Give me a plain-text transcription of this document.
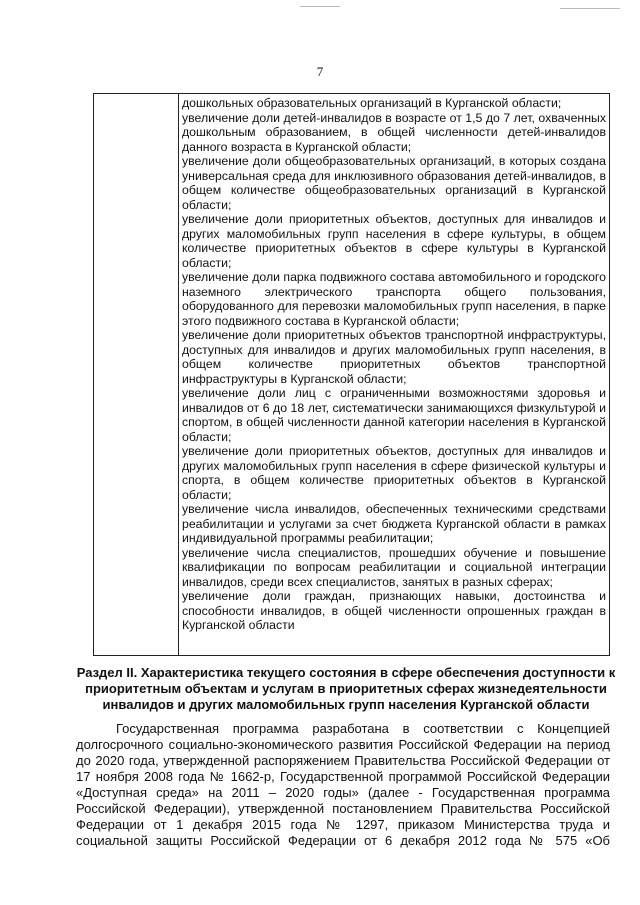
7

дошкольных образовательных организаций в Курганской области;

увеличение доли детей-инвалидов в возрасте от 1,5 до 7 лет, охваченных дошкольным образованием, в общей численности детей-инвалидов данного возраста в Курганской области;

увеличение доли общеобразовательных организаций, в которых создана универсальная среда для инклюзивного образования детей-инвалидов, в общем количестве общеобразовательных организаций в Курганской области;

увеличение доли приоритетных объектов, доступных для инвалидов и других маломобильных групп населения в сфере культуры, в общем количестве приоритетных объектов в сфере культуры в Курганской области;

увеличение доли парка подвижного состава автомобильного и городского наземного электрического транспорта общего пользования, оборудованного для перевозки маломобильных групп населения, в парке этого подвижного состава в Курганской области;

увеличение доли приоритетных объектов транспортной инфраструктуры, доступных для инвалидов и других маломобильных групп населения, в общем количестве приоритетных объектов транспортной инфраструктуры в Курганской области;

увеличение доли лиц с ограниченными возможностями здоровья и инвалидов от 6 до 18 лет, систематически занимающихся физкультурой и спортом, в общей численности данной категории населения в Курганской области;

увеличение доли приоритетных объектов, доступных для инвалидов и других маломобильных групп населения в сфере физической культуры и спорта, в общем количестве приоритетных объектов в Курганской области;

увеличение числа инвалидов, обеспеченных техническими средствами реабилитации и услугами за счет бюджета Курганской области в рамках индивидуальной программы реабилитации;

увеличение числа специалистов, прошедших обучение и повышение квалификации по вопросам реабилитации и социальной интеграции инвалидов, среди всех специалистов, занятых в разных сферах;

увеличение доли граждан, признающих навыки, достоинства и способности инвалидов, в общей численности опрошенных граждан в Курганской области

Раздел II. Характеристика текущего состояния в сфере обеспечения доступности к приоритетным объектам и услугам в приоритетных сферах жизнедеятельности инвалидов и других маломобильных групп населения Курганской области

Государственная программа разработана в соответствии с Концепцией долгосрочного социально-экономического развития Российской Федерации на период до 2020 года, утвержденной распоряжением Правительства Российской Федерации от 17 ноября 2008 года № 1662-р, Государственной программой Российской Федерации «Доступная среда» на 2011 – 2020 годы» (далее - Государственная программа Российской Федерации), утвержденной постановлением Правительства Российской Федерации от 1 декабря 2015 года № 1297, приказом Министерства труда и социальной защиты Российской Федерации от 6 декабря 2012 года № 575 «Об
